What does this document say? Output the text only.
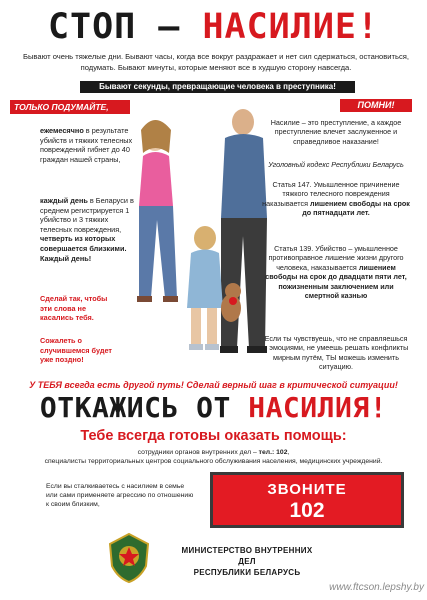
СТОП – НАСИЛИЕ!
Бывают очень тяжелые дни. Бывают часы, когда все вокруг раздражает и нет сил сдержаться, остановиться, подумать. Бывают минуты, которые меняют все в худшую сторону навсегда.
Бывают секунды, превращающие человека в преступника!
ТОЛЬКО ПОДУМАЙТЕ,	ПОМНИ!
ежемесячно в результате убийств и тяжких телесных повреждений гибнет до 40 граждан нашей страны,
каждый день в Беларуси в среднем регистрируется 1 убийство и 3 тяжких телесных повреждения, четверть из которых совершается близкими. Каждый день!
Сделай так, чтобы эти слова не касались тебя.
Сожалеть о случившемся будет уже поздно!
Насилие – это преступление, а каждое преступление влечет заслуженное и справедливое наказание!
Уголовный кодекс Республики Беларусь
Статья 147. Умышленное причинение тяжкого телесного повреждения наказывается лишением свободы на срок до пятнадцати лет.
Статья 139. Убийство – умышленное противоправное лишение жизни другого человека, наказывается лишением свободы на срок до двадцати пяти лет, пожизненным заключением или смертной казнью
Если ты чувствуешь, что не справляешься с эмоциями, не умеешь решать конфликты мирным путём, ТЫ можешь изменить ситуацию.
У ТЕБЯ всегда есть другой путь! Сделай верный шаг в критической ситуации!
ОТКАЖИСЬ ОТ НАСИЛИЯ!
Тебе всегда готовы оказать помощь:
сотрудники органов внутренних дел – тел.: 102,
специалисты территориальных центров социального обслуживания населения, медицинских учреждений.
Если вы сталкиваетесь с насилием в семье или сами применяете агрессию по отношению к своим близким,
ЗВОНИТЕ
102
МИНИСТЕРСТВО ВНУТРЕННИХ ДЕЛ
РЕСПУБЛИКИ БЕЛАРУСЬ
www.ftcson.lepshy.by
